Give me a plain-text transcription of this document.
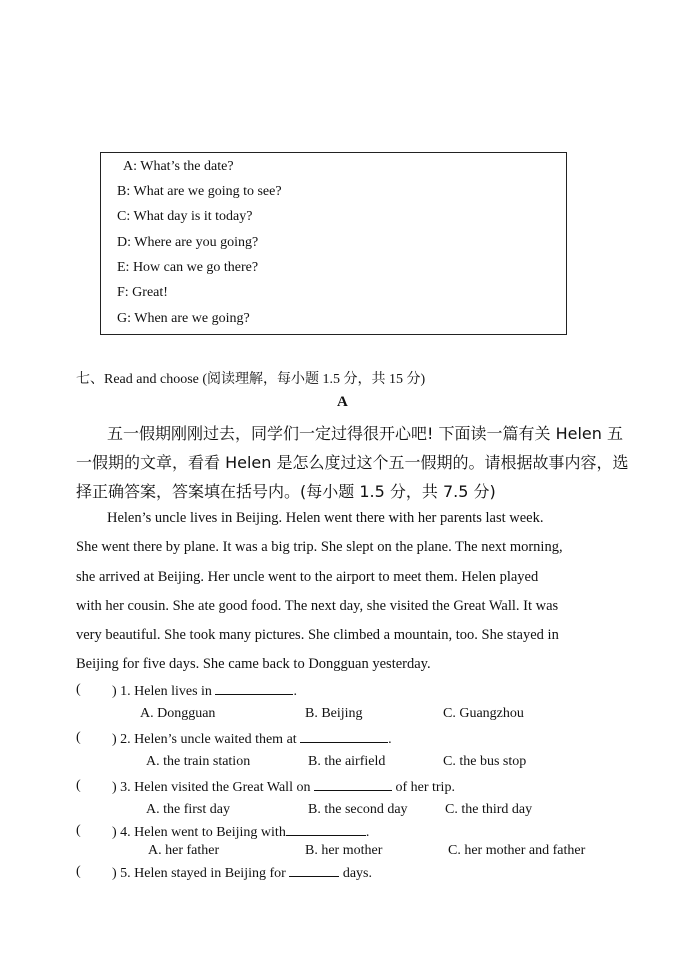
A: What’s the date?
B: What are we going to see?
C: What day is it today?
D: Where are you going?
E: How can we go there?
F: Great!
G: When are we going?
七、Read and choose (阅读理解，每小题 1.5 分，共 15 分)
A
五一假期刚刚过去，同学们一定过得很开心吧! 下面读一篇有关 Helen 五
一假期的文章，看看 Helen 是怎么度过这个五一假期的。请根据故事内容，选
择正确答案，答案填在括号内。(每小题 1.5 分，共 7.5 分)
Helen’s uncle lives in Beijing. Helen went there with her parents last week.
She went there by plane. It was a big trip. She slept on the plane. The next morning,
she arrived at Beijing. Her uncle went to the airport to meet them. Helen played
with her cousin. She ate good food. The next day, she visited the Great Wall. It was
very beautiful. She took many pictures. She climbed a mountain, too. She stayed in
Beijing for five days. She came back to Dongguan yesterday.
( ) 1. Helen lives in	.
A. Dongguan	B. Beijing	C. Guangzhou
( ) 2. Helen’s uncle waited them at	.
A. the train station	B. the airfield	C. the bus stop
( ) 3. Helen visited the Great Wall on	of her trip.
A. the first day	B. the second day	C. the third day
( ) 4. Helen went to Beijing with	.
A. her father	B. her mother	C. her mother and father
( ) 5. Helen stayed in Beijing for	days.
